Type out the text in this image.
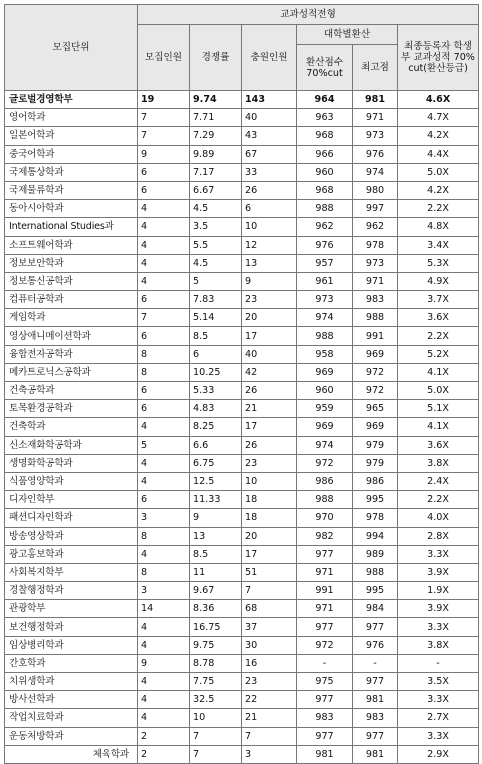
모집단위	교과성적전형					
	모집인원	경쟁률	충원인원	대학별환산		최종등록자 학생부 교과성적 70% cut(환산등급)
				환산점수 70%cut	최고점	
글로벌경영학부	19	9.74	143	964	981	4.6X
영어학과	7	7.71	40	963	971	4.7X
일본어학과	7	7.29	43	968	973	4.2X
중국어학과	9	9.89	67	966	976	4.4X
국제통상학과	6	7.17	33	960	974	5.0X
국제물류학과	6	6.67	26	968	980	4.2X
동아시아학과	4	4.5	6	988	997	2.2X
International Studies과	4	3.5	10	962	962	4.8X
소프트웨어학과	4	5.5	12	976	978	3.4X
정보보안학과	4	4.5	13	957	973	5.3X
정보통신공학과	4	5	9	961	971	4.9X
컴퓨터공학과	6	7.83	23	973	983	3.7X
게임학과	7	5.14	20	974	988	3.6X
영상애니메이션학과	6	8.5	17	988	991	2.2X
융합전자공학과	8	6	40	958	969	5.2X
메카트로닉스공학과	8	10.25	42	969	972	4.1X
건축공학과	6	5.33	26	960	972	5.0X
토목환경공학과	6	4.83	21	959	965	5.1X
건축학과	4	8.25	17	969	969	4.1X
신소재화학공학과	5	6.6	26	974	979	3.6X
생명화학공학과	4	6.75	23	972	979	3.8X
식품영양학과	4	12.5	10	986	986	2.4X
디자인학부	6	11.33	18	988	995	2.2X
패션디자인학과	3	9	18	970	978	4.0X
방송영상학과	8	13	20	982	994	2.8X
광고홍보학과	4	8.5	17	977	989	3.3X
사회복지학부	8	11	51	971	988	3.9X
경찰행정학과	3	9.67	7	991	995	1.9X
관광학부	14	8.36	68	971	984	3.9X
보건행정학과	4	16.75	37	977	977	3.3X
임상병리학과	4	9.75	30	972	976	3.8X
간호학과	9	8.78	16	-	-	-
치위생학과	4	7.75	23	975	977	3.5X
방사선학과	4	32.5	22	977	981	3.3X
작업치료학과	4	10	21	983	983	2.7X
운동처방학과	2	7	7	977	977	3.3X
체육학과	2	7	3	981	981	2.9X
